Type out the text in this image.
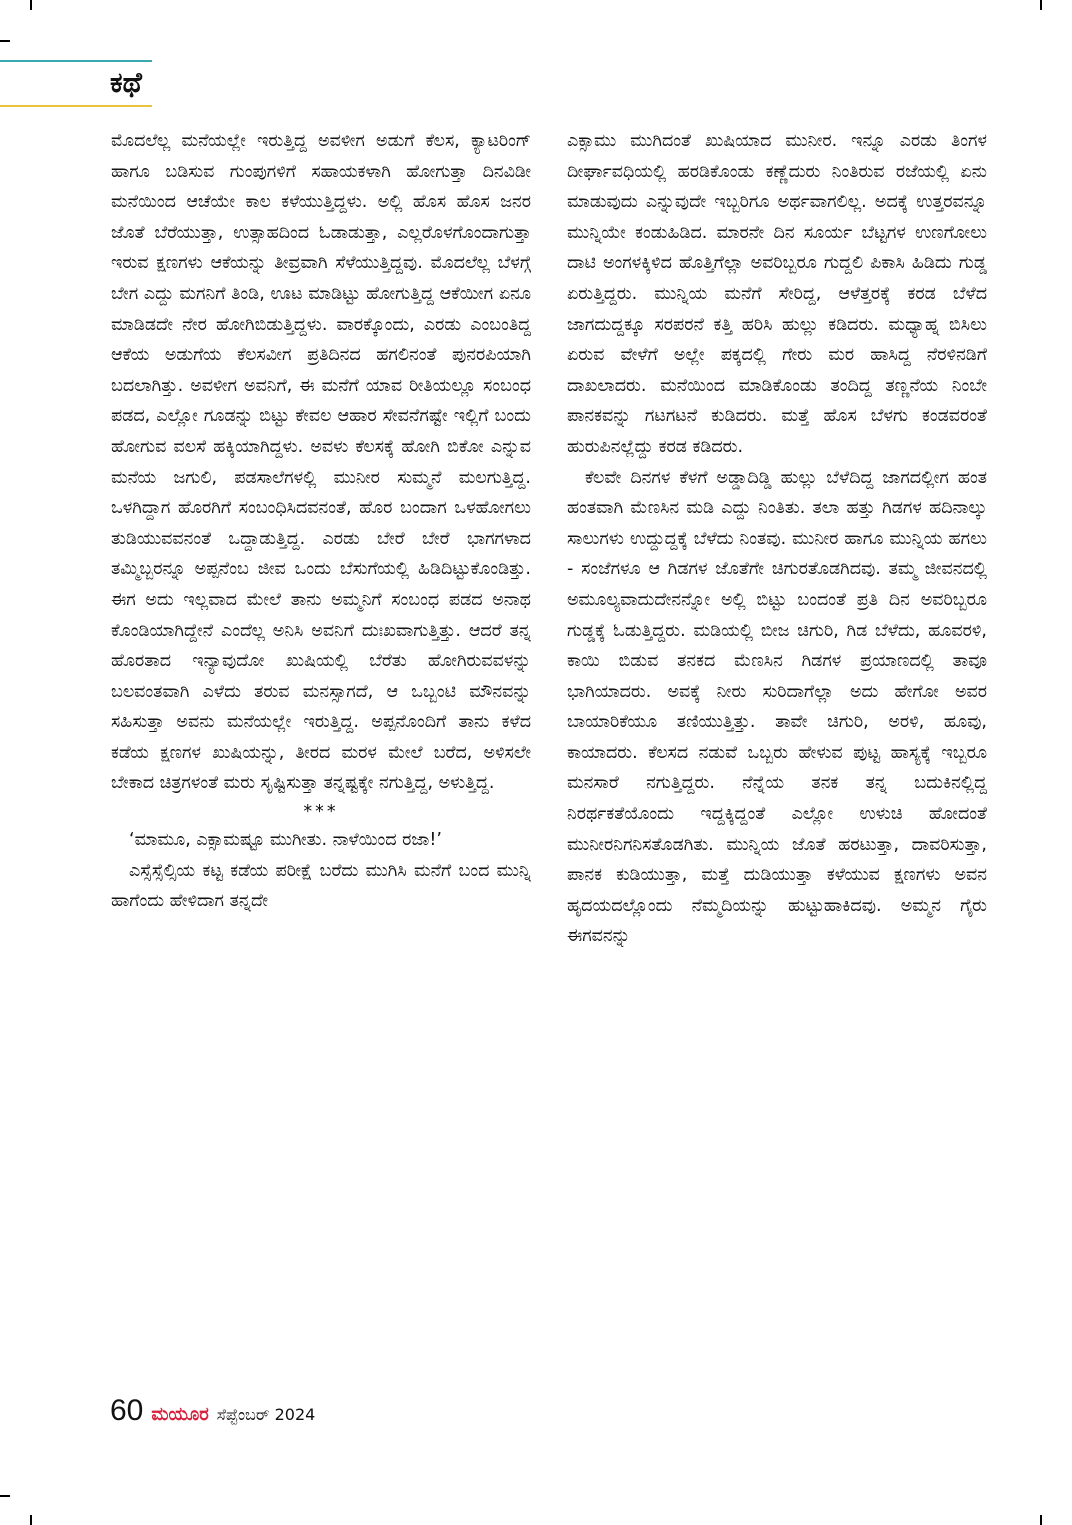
ಕಥೆ

ಮೊದಲೆಲ್ಲ ಮನೆಯಲ್ಲೇ ಇರುತ್ತಿದ್ದ ಅವಳೀಗ ಅಡುಗೆ ಕೆಲಸ, ಕ್ಯಾಟರಿಂಗ್ ಹಾಗೂ ಬಡಿಸುವ ಗುಂಪುಗಳಿಗೆ ಸಹಾಯಕಳಾಗಿ ಹೋಗುತ್ತಾ ದಿನವಿಡೀ ಮನೆಯಿಂದ ಆಚೆಯೇ ಕಾಲ ಕಳೆಯುತ್ತಿದ್ದಳು. ಅಲ್ಲಿ ಹೊಸ ಹೊಸ ಜನರ ಜೊತೆ ಬೆರೆಯುತ್ತಾ, ಉತ್ಸಾಹದಿಂದ ಓಡಾಡುತ್ತಾ, ಎಲ್ಲರೊಳಗೊಂದಾಗುತ್ತಾ ಇರುವ ಕ್ಷಣಗಳು ಆಕೆಯನ್ನು ತೀವ್ರವಾಗಿ ಸೆಳೆಯುತ್ತಿದ್ದವು. ಮೊದಲೆಲ್ಲ ಬೆಳಗ್ಗೆ ಬೇಗ ಎದ್ದು ಮಗನಿಗೆ ತಿಂಡಿ, ಊಟ ಮಾಡಿಟ್ಟು ಹೋಗುತ್ತಿದ್ದ ಆಕೆಯೀಗ ಏನೂ ಮಾಡಿಡದೇ ನೇರ ಹೋಗಿಬಿಡುತ್ತಿದ್ದಳು. ವಾರಕ್ಕೊಂದು, ಎರಡು ಎಂಬಂತಿದ್ದ ಆಕೆಯ ಅಡುಗೆಯ ಕೆಲಸವೀಗ ಪ್ರತಿದಿನದ ಹಗಲಿನಂತೆ ಪುನರಪಿಯಾಗಿ ಬದಲಾಗಿತ್ತು. ಅವಳೀಗ ಅವನಿಗೆ, ಈ ಮನೆಗೆ ಯಾವ ರೀತಿಯಲ್ಲೂ ಸಂಬಂಧ ಪಡದ, ಎಲ್ಲೋ ಗೂಡನ್ನು ಬಿಟ್ಟು ಕೇವಲ ಆಹಾರ ಸೇವನೆಗಷ್ಟೇ ಇಲ್ಲಿಗೆ ಬಂದು ಹೋಗುವ ವಲಸೆ ಹಕ್ಕಿಯಾಗಿದ್ದಳು. ಅವಳು ಕೆಲಸಕ್ಕೆ ಹೋಗಿ ಬಿಕೋ ಎನ್ನುವ ಮನೆಯ ಜಗುಲಿ, ಪಡಸಾಲೆಗಳಲ್ಲಿ ಮುನೀರ ಸುಮ್ಮನೆ ಮಲಗುತ್ತಿದ್ದ. ಒಳಗಿದ್ದಾಗ ಹೊರಗಿಗೆ ಸಂಬಂಧಿಸಿದವನಂತೆ, ಹೊರ ಬಂದಾಗ ಒಳಹೋಗಲು ತುಡಿಯುವವನಂತೆ ಒದ್ದಾಡುತ್ತಿದ್ದ. ಎರಡು ಬೇರೆ ಬೇರೆ ಭಾಗಗಳಾದ ತಮ್ಮಿಬ್ಬರನ್ನೂ ಅಪ್ಪನೆಂಬ ಜೀವ ಒಂದು ಬೆಸುಗೆಯಲ್ಲಿ ಹಿಡಿದಿಟ್ಟುಕೊಂಡಿತ್ತು. ಈಗ ಅದು ಇಲ್ಲವಾದ ಮೇಲೆ ತಾನು ಅಮ್ಮನಿಗೆ ಸಂಬಂಧ ಪಡದ ಅನಾಥ ಕೊಂಡಿಯಾಗಿದ್ದೇನೆ ಎಂದೆಲ್ಲ ಅನಿಸಿ ಅವನಿಗೆ ದುಃಖವಾಗುತ್ತಿತ್ತು. ಆದರೆ ತನ್ನ ಹೊರತಾದ ಇನ್ಯಾವುದೋ ಖುಷಿಯಲ್ಲಿ ಬೆರೆತು ಹೋಗಿರುವವಳನ್ನು ಬಲವಂತವಾಗಿ ಎಳೆದು ತರುವ ಮನಸ್ಸಾಗದೆ, ಆ ಒಬ್ಬಂಟಿ ಮೌನವನ್ನು ಸಹಿಸುತ್ತಾ ಅವನು ಮನೆಯಲ್ಲೇ ಇರುತ್ತಿದ್ದ. ಅಪ್ಪನೊಂದಿಗೆ ತಾನು ಕಳೆದ ಕಡೆಯ ಕ್ಷಣಗಳ ಖುಷಿಯನ್ನು, ತೀರದ ಮರಳ ಮೇಲೆ ಬರೆದ, ಅಳಿಸಲೇ ಬೇಕಾದ ಚಿತ್ರಗಳಂತೆ ಮರು ಸೃಷ್ಟಿಸುತ್ತಾ ತನ್ನಷ್ಟಕ್ಕೇ ನಗುತ್ತಿದ್ದ, ಅಳುತ್ತಿದ್ದ.

***

‘ಮಾಮೂ, ಎಕ್ಸಾಮಷ್ಟೂ ಮುಗೀತು. ನಾಳೆಯಿಂದ ರಜಾ!’

ಎಸ್ಸೆಸ್ಸೆಲ್ಸಿಯ ಕಟ್ಟ ಕಡೆಯ ಪರೀಕ್ಷೆ ಬರೆದು ಮುಗಿಸಿ ಮನೆಗೆ ಬಂದ ಮುನ್ನಿ ಹಾಗೆಂದು ಹೇಳಿದಾಗ ತನ್ನದೇ

ಎಕ್ಸಾಮು ಮುಗಿದಂತೆ ಖುಷಿಯಾದ ಮುನೀರ. ಇನ್ನೂ ಎರಡು ತಿಂಗಳ ದೀರ್ಘಾವಧಿಯಲ್ಲಿ ಹರಡಿಕೊಂಡು ಕಣ್ಣೆದುರು ನಿಂತಿರುವ ರಜೆಯಲ್ಲಿ ಏನು ಮಾಡುವುದು ಎನ್ನುವುದೇ ಇಬ್ಬರಿಗೂ ಅರ್ಥವಾಗಲಿಲ್ಲ. ಅದಕ್ಕೆ ಉತ್ತರವನ್ನೂ ಮುನ್ನಿಯೇ ಕಂಡುಹಿಡಿದ. ಮಾರನೇ ದಿನ ಸೂರ್ಯ ಬೆಟ್ಟಗಳ ಉಣಗೋಲು ದಾಟಿ ಅಂಗಳಕ್ಕಿಳಿದ ಹೊತ್ತಿಗೆಲ್ಲಾ ಅವರಿಬ್ಬರೂ ಗುದ್ದಲಿ ಪಿಕಾಸಿ ಹಿಡಿದು ಗುಡ್ಡ ಏರುತ್ತಿದ್ದರು. ಮುನ್ನಿಯ ಮನೆಗೆ ಸೇರಿದ್ದ, ಆಳೆತ್ತರಕ್ಕೆ ಕರಡ ಬೆಳೆದ ಜಾಗದುದ್ದಕ್ಕೂ ಸರಪರನೆ ಕತ್ತಿ ಹರಿಸಿ ಹುಲ್ಲು ಕಡಿದರು. ಮಧ್ಯಾಹ್ನ ಬಿಸಿಲು ಏರುವ ವೇಳೆಗೆ ಅಲ್ಲೇ ಪಕ್ಕದಲ್ಲಿ ಗೇರು ಮರ ಹಾಸಿದ್ದ ನೆರಳಿನಡಿಗೆ ದಾಖಲಾದರು. ಮನೆಯಿಂದ ಮಾಡಿಕೊಂಡು ತಂದಿದ್ದ ತಣ್ಣನೆಯ ನಿಂಬೇ ಪಾನಕವನ್ನು ಗಟಗಟನೆ ಕುಡಿದರು. ಮತ್ತೆ ಹೊಸ ಬೆಳಗು ಕಂಡವರಂತೆ ಹುರುಪಿನಲ್ಲೆದ್ದು ಕರಡ ಕಡಿದರು.

ಕೆಲವೇ ದಿನಗಳ ಕೆಳಗೆ ಅಡ್ಡಾದಿಡ್ಡಿ ಹುಲ್ಲು ಬೆಳೆದಿದ್ದ ಜಾಗದಲ್ಲೀಗ ಹಂತ ಹಂತವಾಗಿ ಮೆಣಸಿನ ಮಡಿ ಎದ್ದು ನಿಂತಿತು. ತಲಾ ಹತ್ತು ಗಿಡಗಳ ಹದಿನಾಲ್ಕು ಸಾಲುಗಳು ಉದ್ದುದ್ದಕ್ಕೆ ಬೆಳೆದು ನಿಂತವು. ಮುನೀರ ಹಾಗೂ ಮುನ್ನಿಯ ಹಗಲು - ಸಂಜೆಗಳೂ ಆ ಗಿಡಗಳ ಜೊತೆಗೇ ಚಿಗುರತೊಡಗಿದವು. ತಮ್ಮ ಜೀವನದಲ್ಲಿ ಅಮೂಲ್ಯವಾದುದೇನನ್ನೋ ಅಲ್ಲಿ ಬಿಟ್ಟು ಬಂದಂತೆ ಪ್ರತಿ ದಿನ ಅವರಿಬ್ಬರೂ ಗುಡ್ಡಕ್ಕೆ ಓಡುತ್ತಿದ್ದರು. ಮಡಿಯಲ್ಲಿ ಬೀಜ ಚಿಗುರಿ, ಗಿಡ ಬೆಳೆದು, ಹೂವರಳಿ, ಕಾಯಿ ಬಿಡುವ ತನಕದ ಮೆಣಸಿನ ಗಿಡಗಳ ಪ್ರಯಾಣದಲ್ಲಿ ತಾವೂ ಭಾಗಿಯಾದರು. ಅವಕ್ಕೆ ನೀರು ಸುರಿದಾಗೆಲ್ಲಾ ಅದು ಹೇಗೋ ಅವರ ಬಾಯಾರಿಕೆಯೂ ತಣಿಯುತ್ತಿತ್ತು. ತಾವೇ ಚಿಗುರಿ, ಅರಳಿ, ಹೂವು, ಕಾಯಾದರು. ಕೆಲಸದ ನಡುವೆ ಒಬ್ಬರು ಹೇಳುವ ಪುಟ್ಟ ಹಾಸ್ಯಕ್ಕೆ ಇಬ್ಬರೂ ಮನಸಾರೆ ನಗುತ್ತಿದ್ದರು. ನೆನ್ನೆಯ ತನಕ ತನ್ನ ಬದುಕಿನಲ್ಲಿದ್ದ ನಿರರ್ಥಕತೆಯೊಂದು ಇದ್ದಕ್ಕಿದ್ದಂತೆ ಎಲ್ಲೋ ಉಳುಚಿ ಹೋದಂತೆ ಮುನೀರನಿಗನಿಸತೊಡಗಿತು. ಮುನ್ನಿಯ ಜೊತೆ ಹರಟುತ್ತಾ, ದಾವರಿಸುತ್ತಾ, ಪಾನಕ ಕುಡಿಯುತ್ತಾ, ಮತ್ತೆ ದುಡಿಯುತ್ತಾ ಕಳೆಯುವ ಕ್ಷಣಗಳು ಅವನ ಹೃದಯದಲ್ಲೊಂದು ನೆಮ್ಮದಿಯನ್ನು ಹುಟ್ಟುಹಾಕಿದವು. ಅಮ್ಮನ ಗೈರು ಈಗವನನ್ನು

60 ಮಯೂರ ಸೆಪ್ಟೆಂಬರ್ 2024
